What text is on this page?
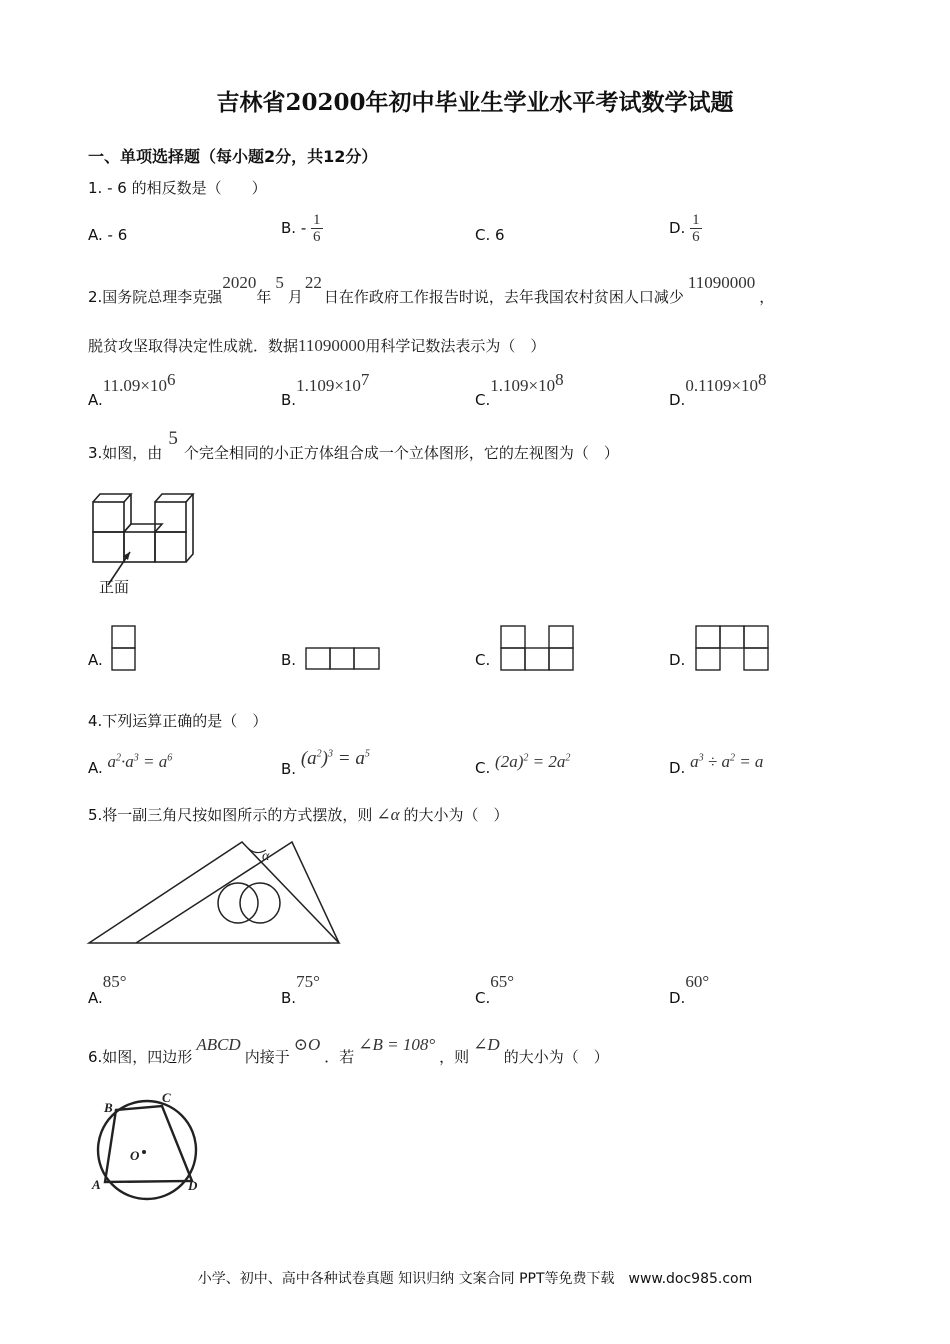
吉林省20200年初中毕业生学业水平考试数学试题
一、单项选择题（每小题2分，共12分）
1. - 6 的相反数是（　　）
A. - 6	B. - $\frac{1}{6}$	C. 6	D. $\frac{1}{6}$
2.国务院总理李克强2020年5月22日在作政府工作报告时说，去年我国农村贫困人口减少11090000，
脱贫攻坚取得决定性成就．数据11090000用科学记数法表示为（　）
$A.11.09\times 10^6$
$B.1.109\times 10^7$
$C.1.109\times 10^8$
$D.0.1109\times 10^8$
3.如图，由5个完全相同的小正方体组合成一个立体图形，它的左视图为（　）
正面
A.	B.	C.	D.
4.下列运算正确的是（　）
A. $a^2\cdot a^3 = a^6$
B. $(a^2)^3 = a^5$
C. $(2a)^2 = 2a^2$
D. $a^3 \div a^2 = a$
5.将一副三角尺按如图所示的方式摆放，则 ∠α 的大小为（　）
α
A.85°
B.75°
C.65°
D.60°
6.如图，四边形ABCD内接于⊙O．若∠B = 108°，则∠D的大小为（　）
B
C
A	D
O
小学、初中、高中各种试卷真题 知识归纳 文案合同 PPT等免费下载　www.doc985.com
